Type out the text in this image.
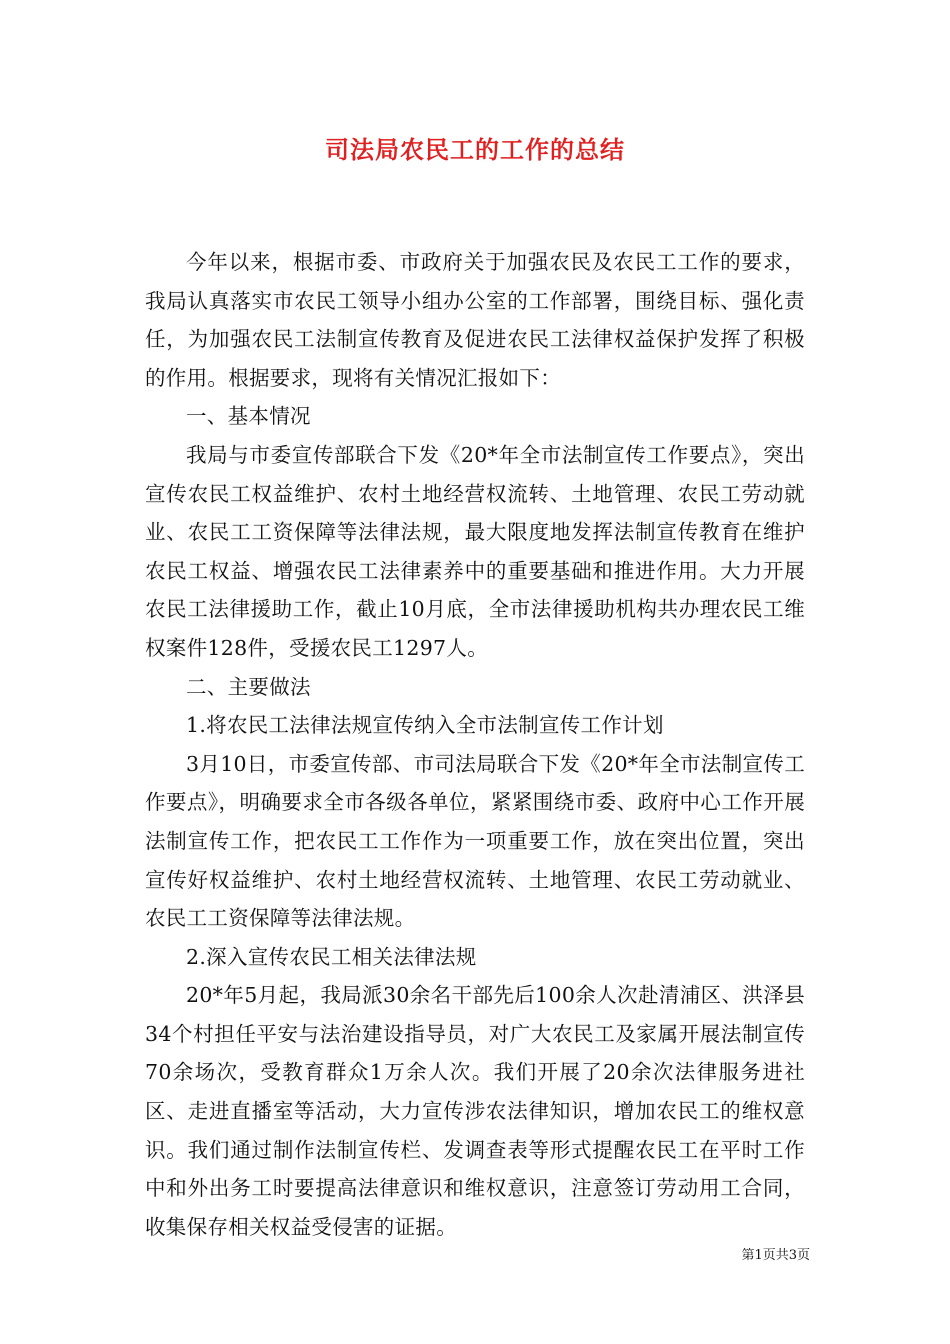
司法局农民工的工作的总结

今年以来，根据市委、市政府关于加强农民及农民工工作的要求，我局认真落实市农民工领导小组办公室的工作部署，围绕目标、强化责任，为加强农民工法制宣传教育及促进农民工法律权益保护发挥了积极的作用。根据要求，现将有关情况汇报如下：

一、基本情况

我局与市委宣传部联合下发《20*年全市法制宣传工作要点》，突出宣传农民工权益维护、农村土地经营权流转、土地管理、农民工劳动就业、农民工工资保障等法律法规，最大限度地发挥法制宣传教育在维护农民工权益、增强农民工法律素养中的重要基础和推进作用。大力开展农民工法律援助工作，截止10月底，全市法律援助机构共办理农民工维权案件128件，受援农民工1297人。

二、主要做法

1.将农民工法律法规宣传纳入全市法制宣传工作计划

3月10日，市委宣传部、市司法局联合下发《20*年全市法制宣传工作要点》，明确要求全市各级各单位，紧紧围绕市委、政府中心工作开展法制宣传工作，把农民工工作作为一项重要工作，放在突出位置，突出宣传好权益维护、农村土地经营权流转、土地管理、农民工劳动就业、农民工工资保障等法律法规。

2.深入宣传农民工相关法律法规

20*年5月起，我局派30余名干部先后100余人次赴清浦区、洪泽县34个村担任平安与法治建设指导员，对广大农民工及家属开展法制宣传70余场次，受教育群众1万余人次。我们开展了20余次法律服务进社区、走进直播室等活动，大力宣传涉农法律知识，增加农民工的维权意识。我们通过制作法制宣传栏、发调查表等形式提醒农民工在平时工作中和外出务工时要提高法律意识和维权意识，注意签订劳动用工合同，收集保存相关权益受侵害的证据。

第1页共3页
